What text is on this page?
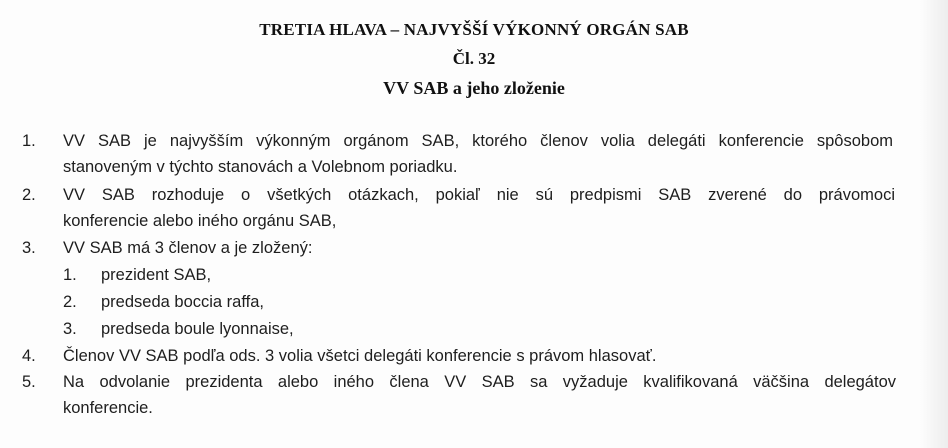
TRETIA HLAVA – NAJVYŠŠÍ VÝKONNÝ ORGÁN SAB
Čl. 32
VV SAB a jeho zloženie
1. VV SAB je najvyšším výkonným orgánom SAB, ktorého členov volia delegáti konferencie spôsobom
stanoveným v týchto stanovách a Volebnom poriadku.
2. VV SAB rozhoduje o všetkých otázkach, pokiaľ nie sú predpismi SAB zverené do právomoci
konferencie alebo iného orgánu SAB,
3. VV SAB má 3 členov a je zložený:
1. prezident SAB,
2. predseda boccia raffa,
3. predseda boule lyonnaise,
4. Členov VV SAB podľa ods. 3 volia všetci delegáti konferencie s právom hlasovať.
5. Na odvolanie prezidenta alebo iného člena VV SAB sa vyžaduje kvalifikovaná väčšina delegátov
konferencie.
